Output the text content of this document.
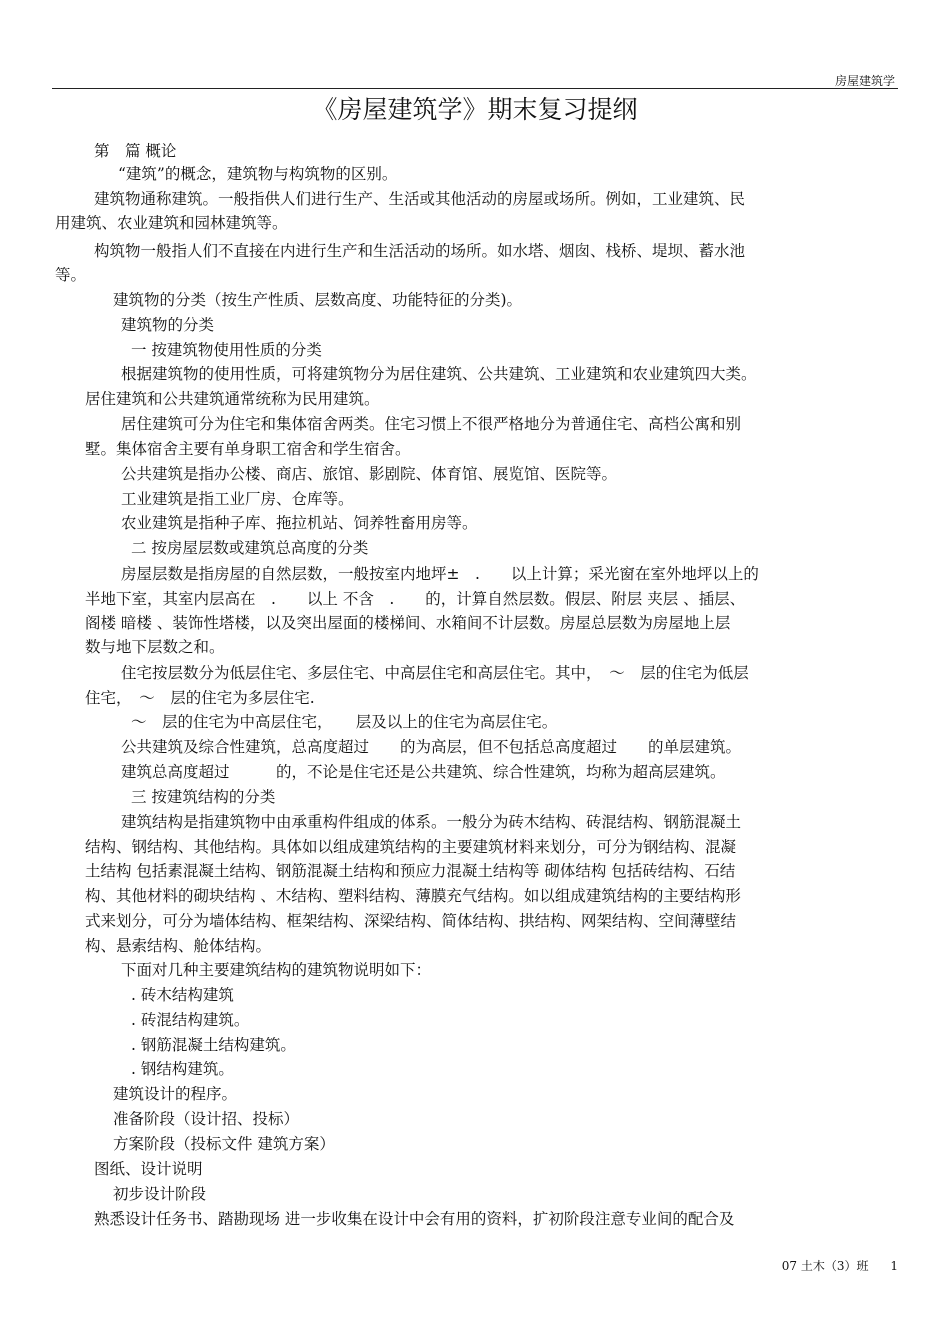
房屋建筑学
《房屋建筑学》期末复习提纲
第　篇 概论
“建筑”的概念，建筑物与构筑物的区别。
建筑物通称建筑。一般指供人们进行生产、生活或其他活动的房屋或场所。例如，工业建筑、民
用建筑、农业建筑和园林建筑等。
构筑物一般指人们不直接在内进行生产和生活活动的场所。如水塔、烟囱、栈桥、堤坝、蓄水池
等。
建筑物的分类（按生产性质、层数高度、功能特征的分类)。
建筑物的分类
一 按建筑物使用性质的分类
根据建筑物的使用性质，可将建筑物分为居住建筑、公共建筑、工业建筑和农业建筑四大类。
居住建筑和公共建筑通常统称为民用建筑。
居住建筑可分为住宅和集体宿舍两类。住宅习惯上不很严格地分为普通住宅、高档公寓和别
墅。集体宿舍主要有单身职工宿舍和学生宿舍。
公共建筑是指办公楼、商店、旅馆、影剧院、体育馆、展览馆、医院等。
工业建筑是指工业厂房、仓库等。
农业建筑是指种子库、拖拉机站、饲养牲畜用房等。
二 按房屋层数或建筑总高度的分类
房屋层数是指房屋的自然层数，一般按室内地坪±　.　　以上计算；采光窗在室外地坪以上的
半地下室，其室内层高在　.　　以上 不含　.　　的，计算自然层数。假层、附层 夹层 、插层、
阁楼 暗楼 、装饰性塔楼，以及突出屋面的楼梯间、水箱间不计层数。房屋总层数为房屋地上层
数与地下层数之和。
住宅按层数分为低层住宅、多层住宅、中高层住宅和高层住宅。其中，　～　层的住宅为低层
住宅，　～　层的住宅为多层住宅.
～　层的住宅为中高层住宅，　　层及以上的住宅为高层住宅。
公共建筑及综合性建筑，总高度超过　　的为高层，但不包括总高度超过　　的单层建筑。
建筑总高度超过　　　的，不论是住宅还是公共建筑、综合性建筑，均称为超高层建筑。
三 按建筑结构的分类
建筑结构是指建筑物中由承重构件组成的体系。一般分为砖木结构、砖混结构、钢筋混凝土
结构、钢结构、其他结构。具体如以组成建筑结构的主要建筑材料来划分，可分为钢结构、混凝
土结构 包括素混凝土结构、钢筋混凝土结构和预应力混凝土结构等 砌体结构 包括砖结构、石结
构、其他材料的砌块结构 、木结构、塑料结构、薄膜充气结构。如以组成建筑结构的主要结构形
式来划分，可分为墙体结构、框架结构、深梁结构、简体结构、拱结构、网架结构、空间薄壁结
构、悬索结构、舱体结构。
下面对几种主要建筑结构的建筑物说明如下：
. 砖木结构建筑
. 砖混结构建筑。
. 钢筋混凝土结构建筑。
. 钢结构建筑。
建筑设计的程序。
准备阶段（设计招、投标）
方案阶段（投标文件 建筑方案）
图纸、设计说明
初步设计阶段
熟悉设计任务书、踏勘现场 进一步收集在设计中会有用的资料，扩初阶段注意专业间的配合及
07 土木（3）班 1
